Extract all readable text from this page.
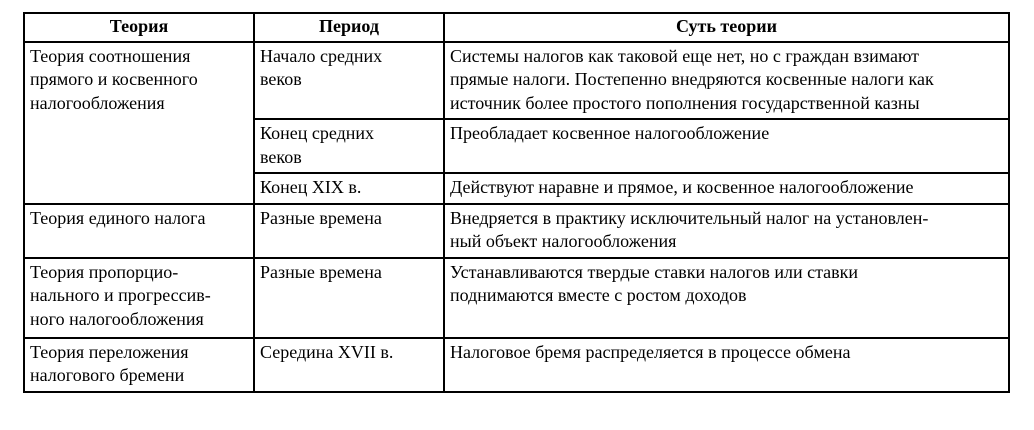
Теория	Период	Суть теории

Теория соотношения
прямого и косвенного
налогообложения	Начало средних
веков	Системы налогов как таковой еще нет, но с граждан взимают
прямые налоги. Постепенно внедряются косвенные налоги как
источник более простого пополнения государственной казны

	Конец средних
веков	Преобладает косвенное налогообложение

	Конец XIX в.	Действуют наравне и прямое, и косвенное налогообложение

Теория единого налога	Разные времена	Внедряется в практику исключительный налог на установлен-
ный объект налогообложения

Теория пропорцио-
нального и прогрессив-
ного налогообложения	Разные времена	Устанавливаются твердые ставки налогов или ставки
поднимаются вместе с ростом доходов

Теория переложения
налогового бремени	Середина XVII в.	Налоговое бремя распределяется в процессе обмена
